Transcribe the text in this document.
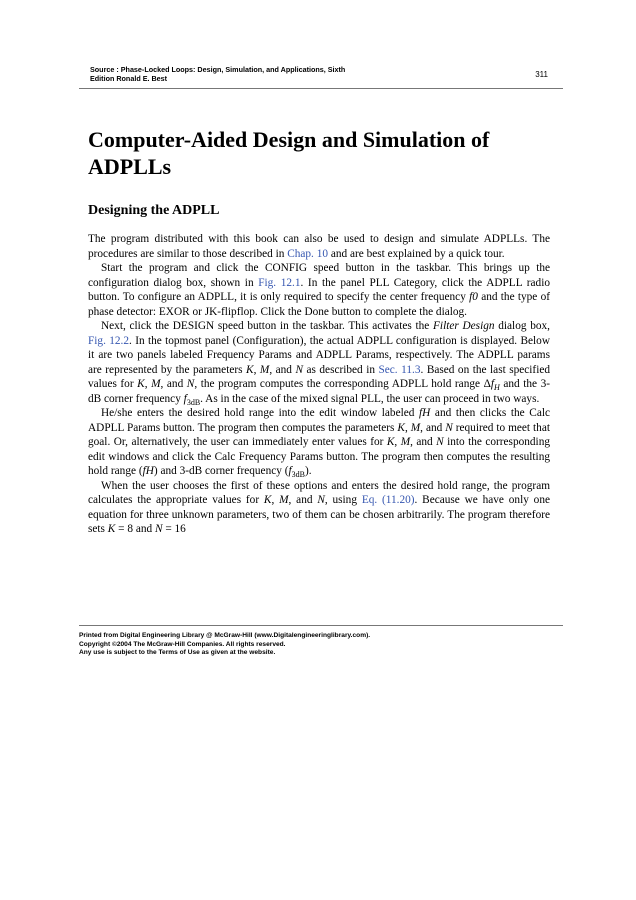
Source : Phase-Locked Loops: Design, Simulation, and Applications, Sixth
Edition Ronald E. Best	311
Computer-Aided Design and Simulation of ADPLLs
Designing the ADPLL

The program distributed with this book can also be used to design and simulate ADPLLs. The procedures are similar to those described in Chap. 10 and are best explained by a quick tour.

Start the program and click the CONFIG speed button in the taskbar. This brings up the configuration dialog box, shown in Fig. 12.1. In the panel PLL Category, click the ADPLL radio button. To configure an ADPLL, it is only required to specify the center frequency f0 and the type of phase detector: EXOR or JK-flipflop. Click the Done button to complete the dialog.

Next, click the DESIGN speed button in the taskbar. This activates the Filter Design dialog box, Fig. 12.2. In the topmost panel (Configuration), the actual ADPLL configuration is displayed. Below it are two panels labeled Frequency Params and ADPLL Params, respectively. The ADPLL params are represented by the parameters K, M, and N as described in Sec. 11.3. Based on the last specified values for K, M, and N, the program computes the corresponding ADPLL hold range $\Delta f_H$ and the 3-dB corner frequency $f_{3dB}$. As in the case of the mixed signal PLL, the user can proceed in two ways.

He/she enters the desired hold range into the edit window labeled fH and then clicks the Calc ADPLL Params button. The program then computes the parameters K, M, and N required to meet that goal. Or, alternatively, the user can immediately enter values for K, M, and N into the corresponding edit windows and click the Calc Frequency Params button. The program then computes the resulting hold range (fH) and 3-dB corner frequency $(f_{3dB})$.

When the user chooses the first of these options and enters the desired hold range, the program calculates the appropriate values for K, M, and N, using Eq. (11.20). Because we have only one equation for three unknown parameters, two of them can be chosen arbitrarily. The program therefore sets K = 8 and N = 16

Printed from Digital Engineering Library @ McGraw-Hill (www.Digitalengineeringlibrary.com).
Copyright ©2004 The McGraw-Hill Companies. All rights reserved.
Any use is subject to the Terms of Use as given at the website.
